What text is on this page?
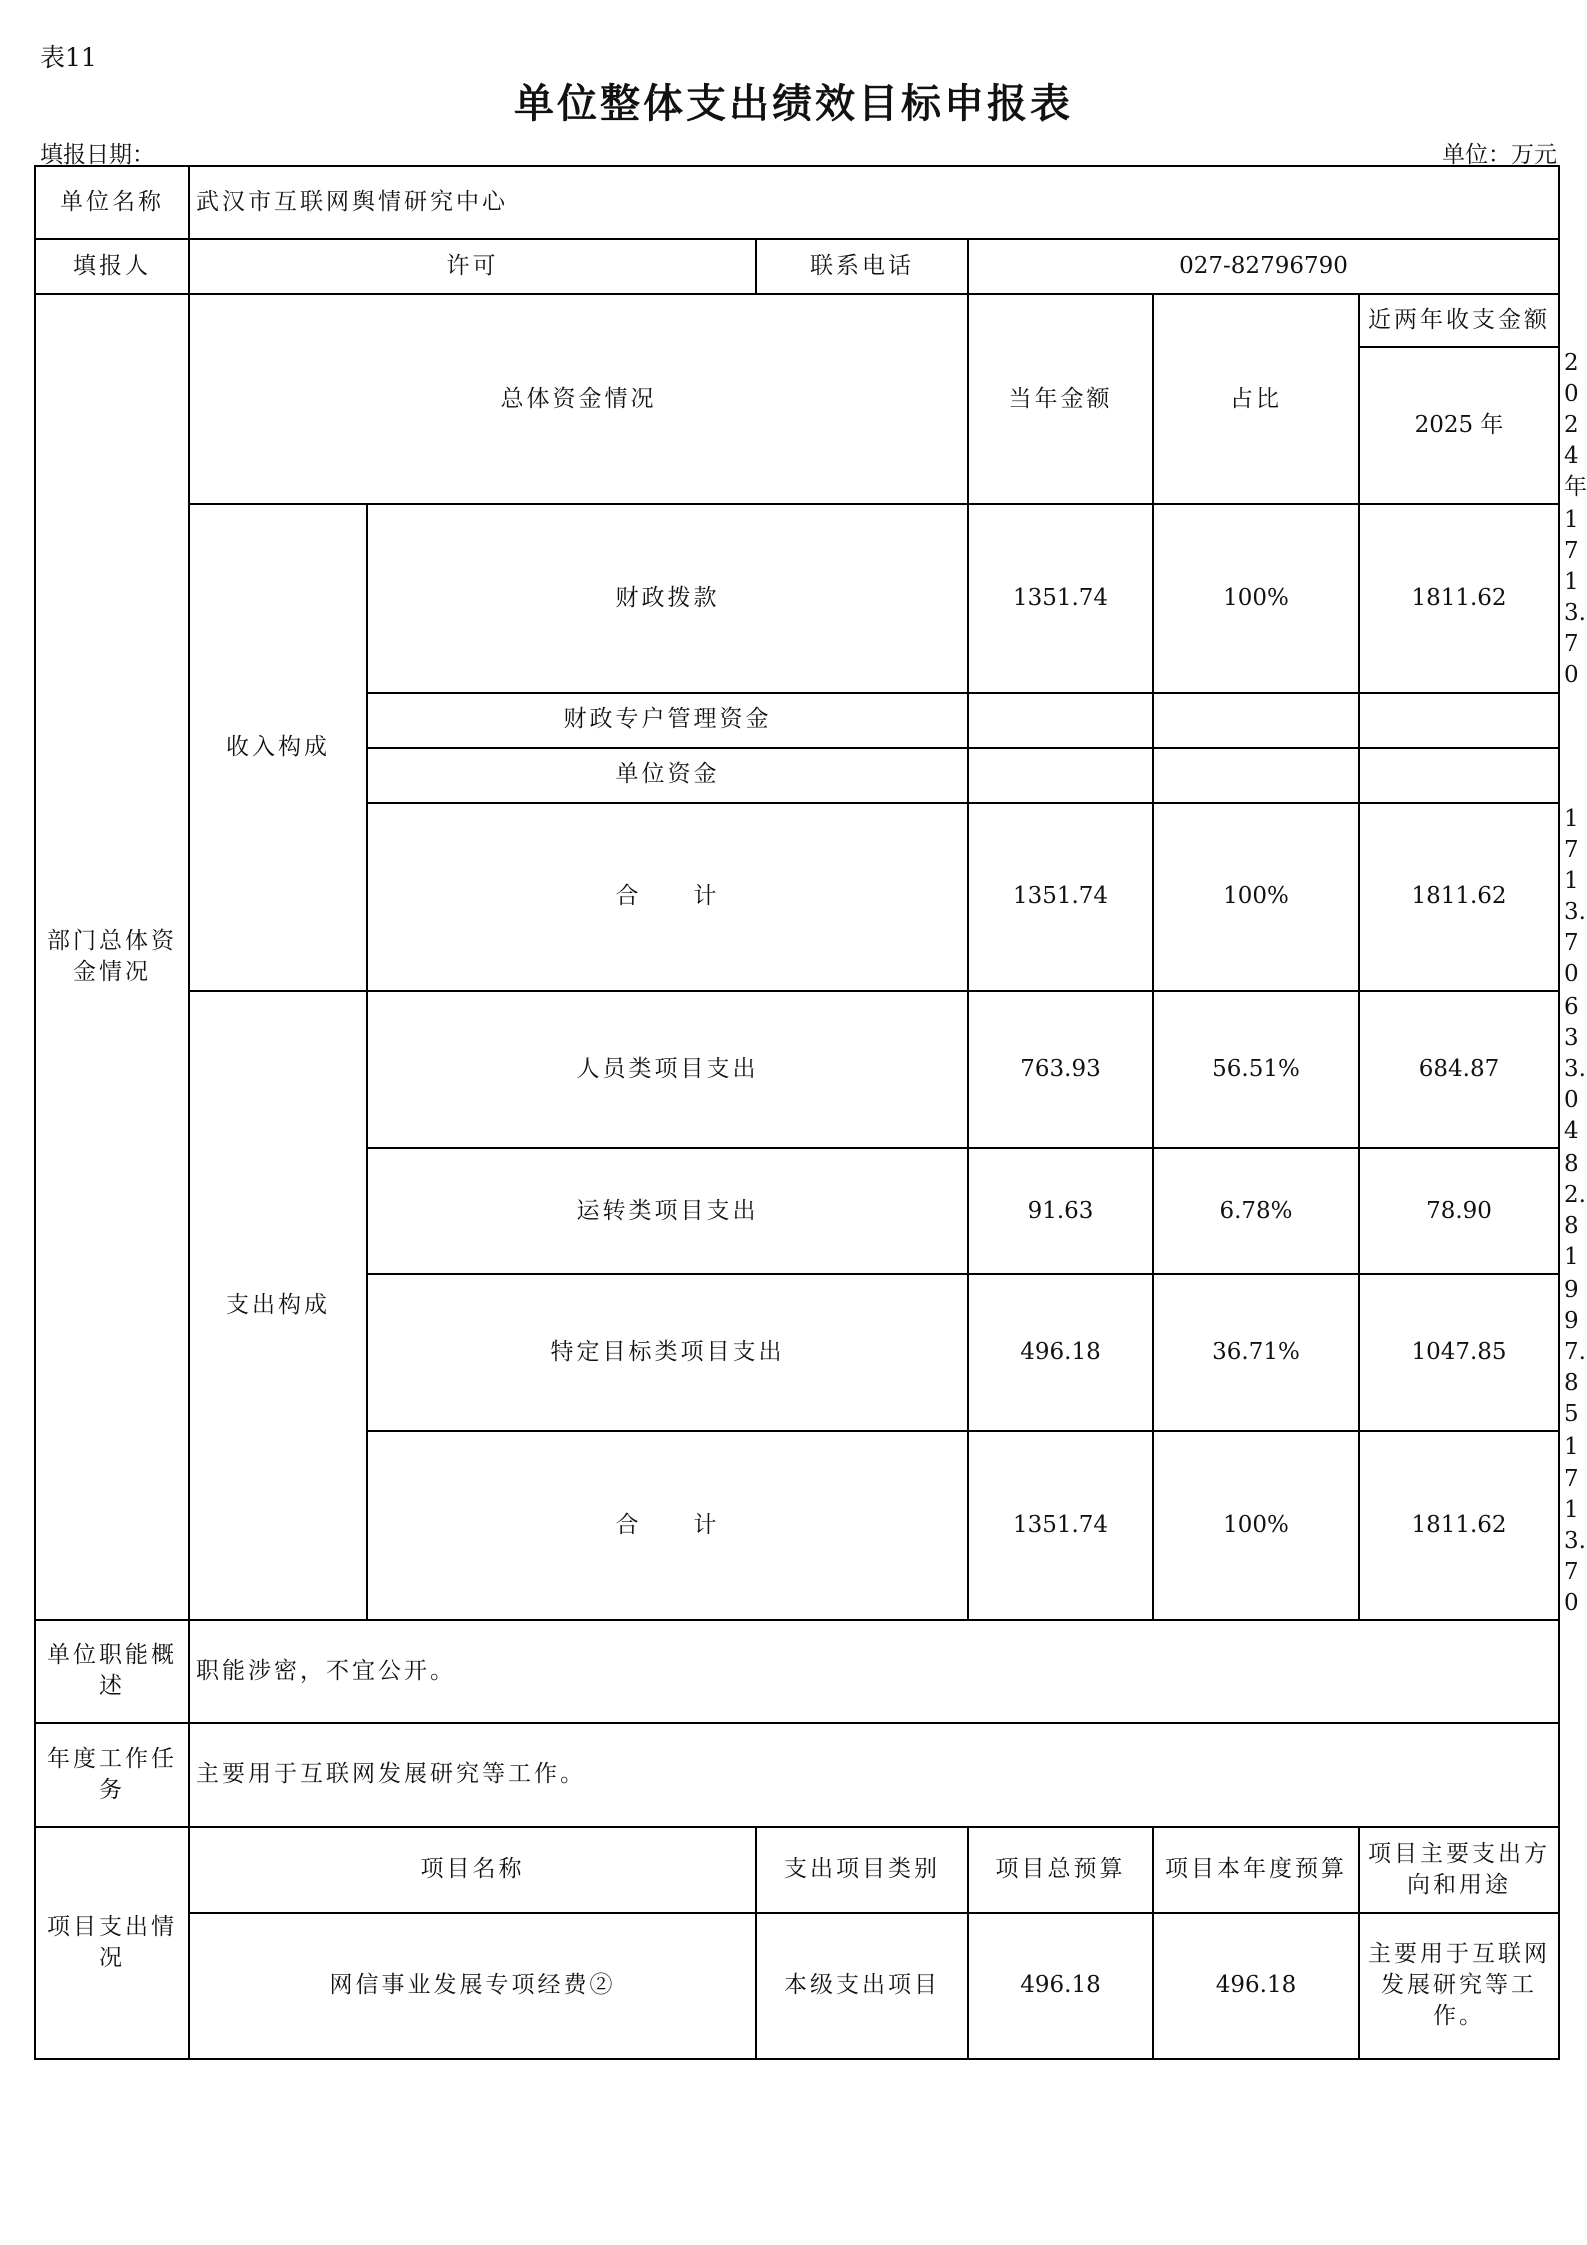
表11
单位整体支出绩效目标申报表
填报日期：	单位：万元
单位名称	武汉市互联网舆情研究中心						
填报人	许可		联系电话	027-82796790			
部门总体资金情况	总体资金情况			当年金额	占比	近两年收支金额	
						2025 年	2024 年
	收入构成	财政拨款		1351.74	100%	1811.62	1713.70
		财政专户管理资金					
		单位资金					
		合　　计		1351.74	100%	1811.62	1713.70
	支出构成	人员类项目支出		763.93	56.51%	684.87	633.04
		运转类项目支出		91.63	6.78%	78.90	82.81
		特定目标类项目支出		496.18	36.71%	1047.85	997.85
		合　　计		1351.74	100%	1811.62	1713.70
单位职能概述	职能涉密，不宜公开。						
年度工作任务	主要用于互联网发展研究等工作。						
项目支出情况	项目名称		支出项目类别	项目总预算	项目本年度预算	项目主要支出方向和用途	
	网信事业发展专项经费②		本级支出项目	496.18	496.18	主要用于互联网发展研究等工作。	
